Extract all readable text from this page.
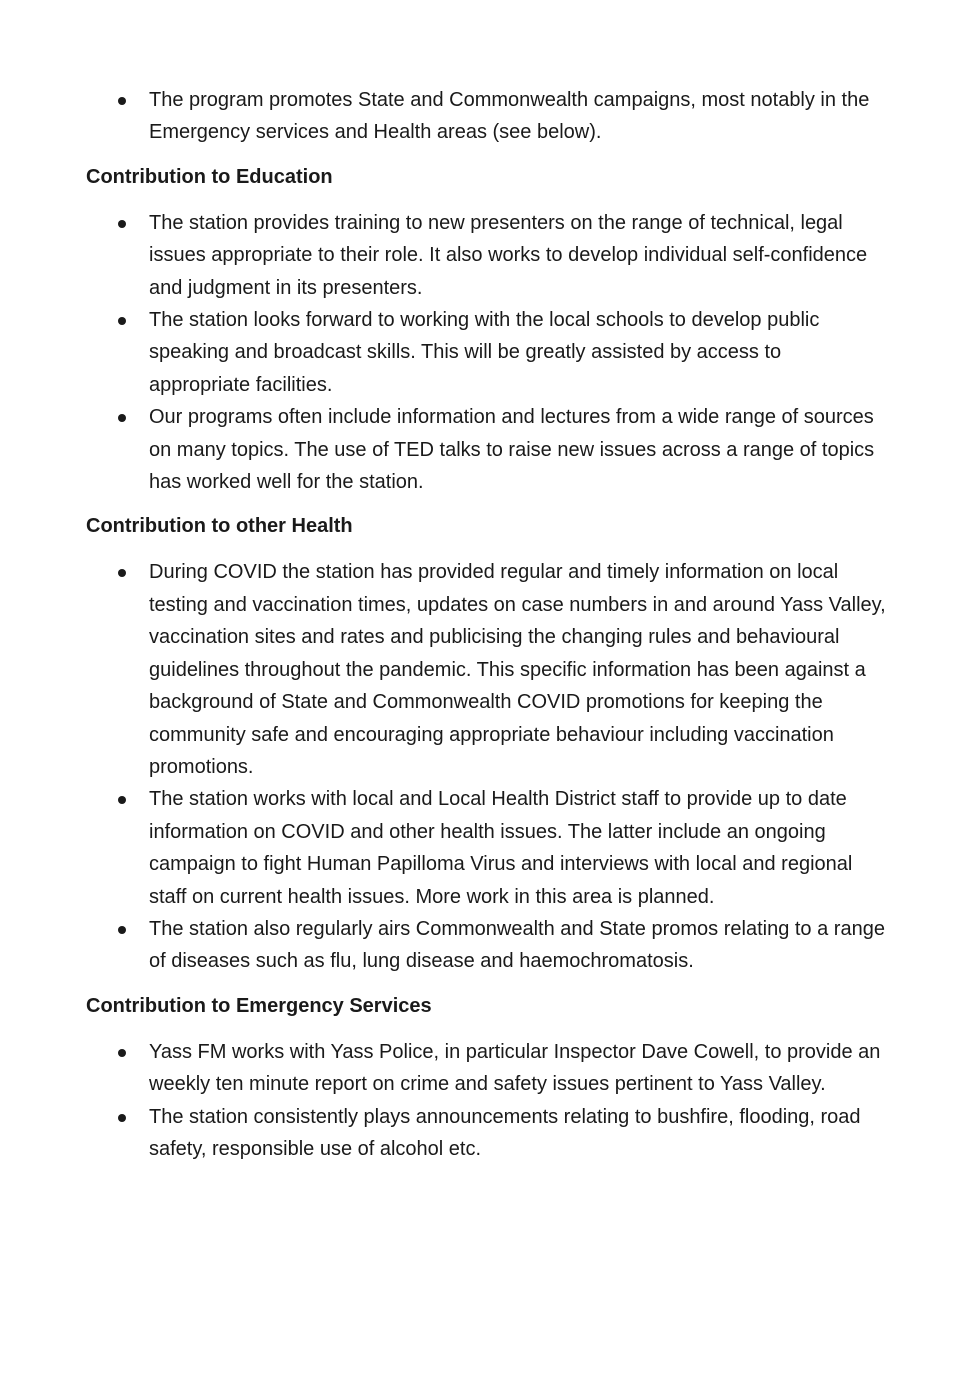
The program promotes State and Commonwealth campaigns, most notably in the Emergency services and Health areas (see below).
Contribution to Education
The station provides training to new presenters on the range of technical, legal issues appropriate to their role. It also works to develop individual self-confidence and judgment in its presenters.
The station looks forward to working with the local schools to develop public speaking and broadcast skills. This will be greatly assisted by access to appropriate facilities.
Our programs often include information and lectures from a wide range of sources on many topics. The use of TED talks to raise new issues across a range of topics has worked well for the station.
Contribution to other Health
During COVID the station has provided regular and timely information on local testing and vaccination times, updates on case numbers in and around Yass Valley, vaccination sites and rates and publicising the changing rules and behavioural guidelines throughout the pandemic. This specific information has been against a background of State and Commonwealth COVID promotions for keeping the community safe and encouraging appropriate behaviour including vaccination promotions.
The station works with local and Local Health District staff to provide up to date information on COVID and other health issues. The latter include an ongoing campaign to fight Human Papilloma Virus and interviews with local and regional staff on current health issues. More work in this area is planned.
The station also regularly airs Commonwealth and State promos relating to a range of diseases such as flu, lung disease and haemochromatosis.
Contribution to Emergency Services
Yass FM works with Yass Police, in particular Inspector Dave Cowell, to provide an weekly ten minute report on crime and safety issues pertinent to Yass Valley.
The station consistently plays announcements relating to bushfire, flooding, road safety, responsible use of alcohol etc.
